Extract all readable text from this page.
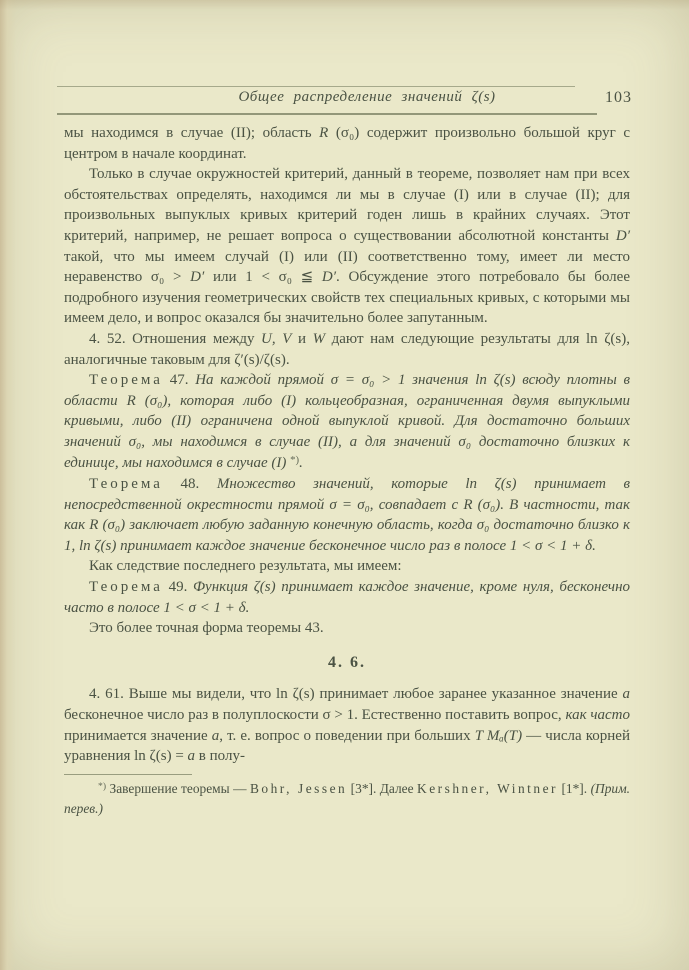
Общее распределение значений ζ(s)	103

мы находимся в случае (II); область R (σ₀) содержит произвольно большой круг с центром в начале координат.

Только в случае окружностей критерий, данный в теореме, позволяет нам при всех обстоятельствах определять, находимся ли мы в случае (I) или в случае (II); для произвольных выпуклых кривых критерий годен лишь в крайних случаях. Этот критерий, например, не решает вопроса о существовании абсолютной константы D′ такой, что мы имеем случай (I) или (II) соответственно тому, имеет ли место неравенство σ₀ > D′ или 1 < σ₀ ≦ D′. Обсуждение этого потребовало бы более подробного изучения геометрических свойств тех специальных кривых, с которыми мы имеем дело, и вопрос оказался бы значительно более запутанным.

4. 52. Отношения между U, V и W дают нам следующие результаты для ln ζ(s), аналогичные таковым для ζ′(s)/ζ(s).

Теорема 47. На каждой прямой σ = σ₀ > 1 значения ln ζ(s) всюду плотны в области R (σ₀), которая либо (I) кольцеобразная, ограниченная двумя выпуклыми кривыми, либо (II) ограничена одной выпуклой кривой. Для достаточно больших значений σ₀, мы находимся в случае (II), а для значений σ₀ достаточно близких к единице, мы находимся в случае (I) *).

Теорема 48. Множество значений, которые ln ζ(s) принимает в непосредственной окрестности прямой σ = σ₀, совпадает с R (σ₀). В частности, так как R (σ₀) заключает любую заданную конечную область, когда σ₀ достаточно близко к 1, ln ζ(s) принимает каждое значение бесконечное число раз в полосе 1 < σ < 1 + δ.

Как следствие последнего результата, мы имеем:

Теорема 49. Функция ζ(s) принимает каждое значение, кроме нуля, бесконечно часто в полосе 1 < σ < 1 + δ.

Это более точная форма теоремы 43.

4. 6.

4. 61. Выше мы видели, что ln ζ(s) принимает любое заранее указанное значение a бесконечное число раз в полуплоскости σ > 1. Естественно поставить вопрос, как часто принимается значение a, т. е. вопрос о поведении при больших T Mₐ(T) — числа корней уравнения ln ζ(s) = a в полу-

*) Завершение теоремы — Bohr, Jessen [3*]. Далее Kershner, Wintner [1*]. (Прим. перев.)
